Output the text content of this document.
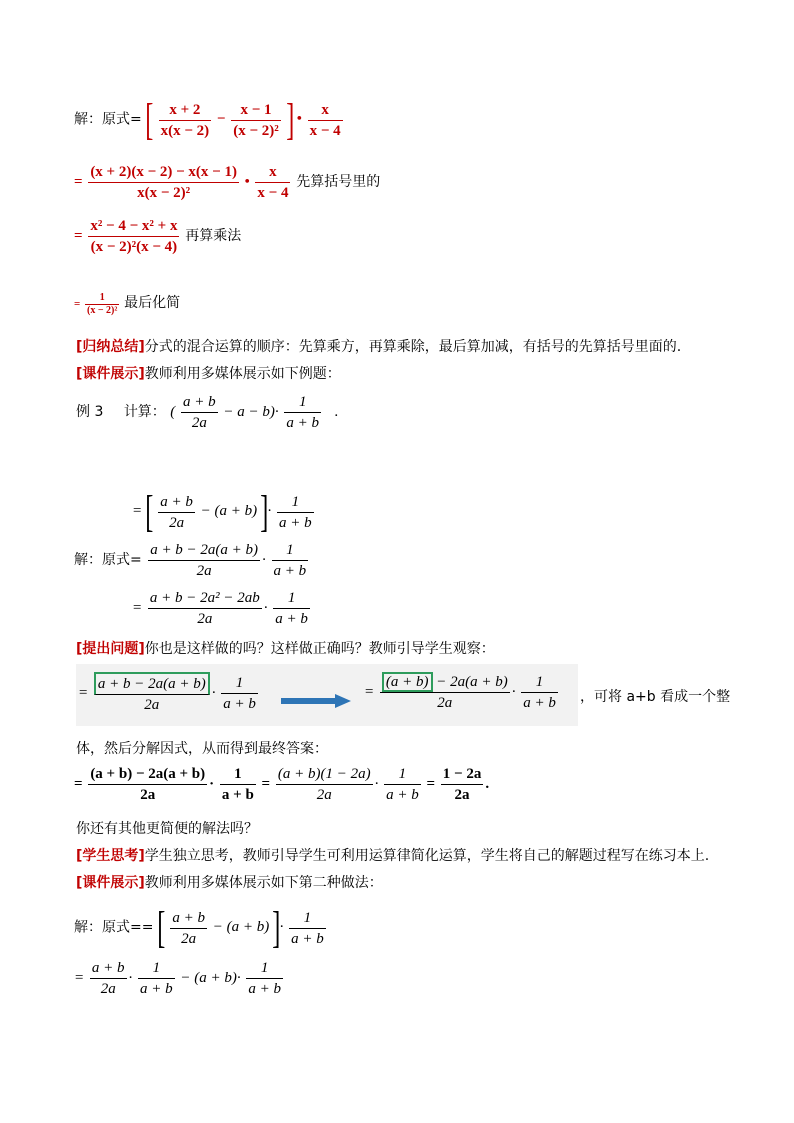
解：原式= [ $\frac{x + 2}{x(x - 2)} - \frac{x - 1}{\text{(x − 2)²}}$ ] • $\frac{x}{x - 4}$
= $\frac{(x + 2)(x - 2) - x(x - 1)}{\text{x(x − 2)²}}$ • $\frac{x}{x - 4}$ 先算括号里的
= $\frac{\text{x² − 4 − x² + x}}{\text{(x − 2)²(x − 4)}}$ 再算乘法
= $\frac{1}{\text{(x − 2)²}}$ 最后化简
[归纳总结]分式的混合运算的顺序：先算乘方，再算乘除，最后算加减，有括号的先算括号里面的.
[课件展示]教师利用多媒体展示如下例题：
例 3 计算： ( $\frac{a + b}{2a} - a - b)\cdot \frac{1}{a + b}$ .
= [ $\frac{a + b}{2a} - (a + b)$ ]· $\frac{1}{a + b}$
解：原式= $\frac{a + b - 2a(a + b)}{2a} \cdot \frac{1}{a + b}$
= $\frac{\text{a + b − 2a² − 2ab}}{2a} \cdot \frac{1}{a + b}$
[提出问题]你也是这样做的吗？这样做正确吗？教师引导学生观察：
= $\frac{a + b - 2a(a + b)}{2a} \cdot \frac{1}{a + b}$	= $\frac{(a + b) - 2a(a + b)}{2a} \cdot \frac{1}{a + b}$ ，可将 a+b 看成一个整
体，然后分解因式，从而得到最终答案：
= $\frac{(a + b) - 2a(a + b)}{2a} \cdot \frac{1}{a + b} = \frac{(a + b)(1 - 2a)}{2a} \cdot \frac{1}{a + b} = \frac{1 - 2a}{2a}$ .
你还有其他更简便的解法吗？
[学生思考]学生独立思考，教师引导学生可利用运算律简化运算，学生将自己的解题过程写在练习本上.
[课件展示]教师利用多媒体展示如下第二种做法：
解：原式== [ $\frac{a + b}{2a} - (a + b)$ ]· $\frac{1}{a + b}$
= $\frac{a + b}{2a} \cdot \frac{1}{a + b} - (a + b)\cdot \frac{1}{a + b}$
